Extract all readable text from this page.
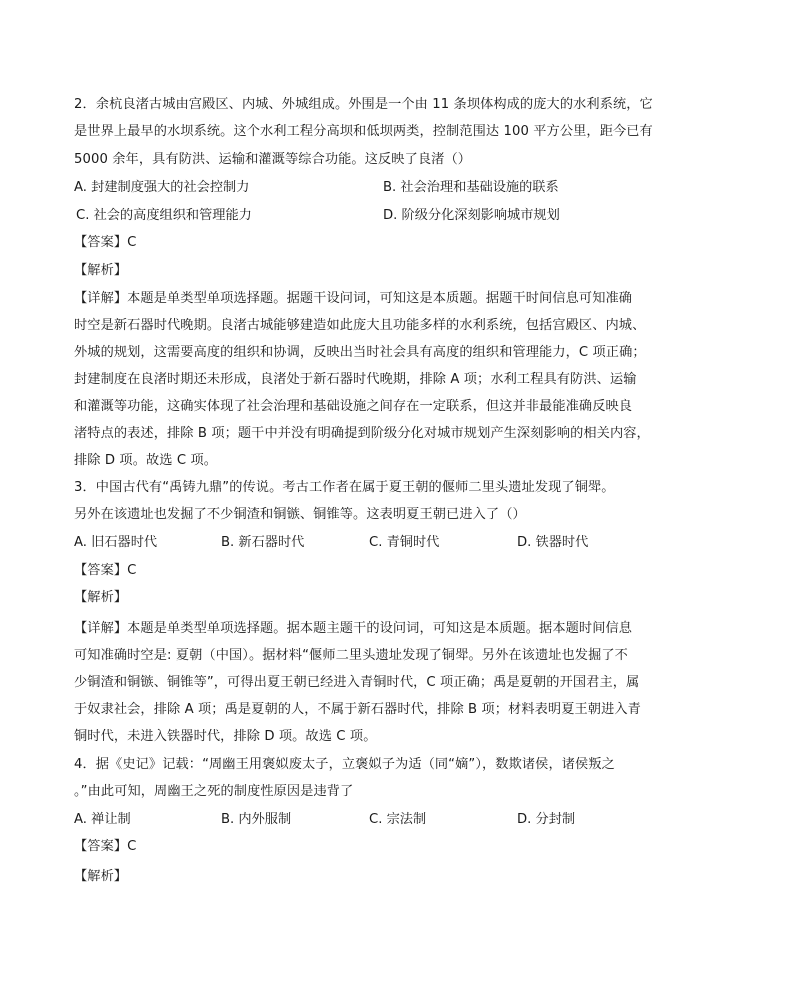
2．余杭良渚古城由宫殿区、内城、外城组成。外围是一个由 11 条坝体构成的庞大的水利系统，它
是世界上最早的水坝系统。这个水利工程分高坝和低坝两类，控制范围达 100 平方公里，距今已有
5000 余年，具有防洪、运输和灌溉等综合功能。这反映了良渚（）
A. 封建制度强大的社会控制力	B. 社会治理和基础设施的联系
C. 社会的高度组织和管理能力	D. 阶级分化深刻影响城市规划
【答案】C
【解析】
【详解】本题是单类型单项选择题。据题干设问词，可知这是本质题。据题干时间信息可知准确
时空是新石器时代晚期。良渚古城能够建造如此庞大且功能多样的水利系统，包括宫殿区、内城、
外城的规划，这需要高度的组织和协调，反映出当时社会具有高度的组织和管理能力，C 项正确；
封建制度在良渚时期还未形成，良渚处于新石器时代晚期，排除 A 项；水利工程具有防洪、运输
和灌溉等功能，这确实体现了社会治理和基础设施之间存在一定联系，但这并非最能准确反映良
渚特点的表述，排除 B 项；题干中并没有明确提到阶级分化对城市规划产生深刻影响的相关内容，
排除 D 项。故选 C 项。
3．中国古代有“禹铸九鼎”的传说。考古工作者在属于夏王朝的偃师二里头遗址发现了铜斝。
另外在该遗址也发掘了不少铜渣和铜镞、铜锥等。这表明夏王朝已进入了（）
A. 旧石器时代	B. 新石器时代	C. 青铜时代	D. 铁器时代
【答案】C
【解析】
【详解】本题是单类型单项选择题。据本题主题干的设问词，可知这是本质题。据本题时间信息
可知准确时空是: 夏朝（中国）。据材料“偃师二里头遗址发现了铜斝。另外在该遗址也发掘了不
少铜渣和铜镞、铜锥等”，可得出夏王朝已经进入青铜时代，C 项正确；禹是夏朝的开国君主，属
于奴隶社会，排除 A 项；禹是夏朝的人，不属于新石器时代，排除 B 项；材料表明夏王朝进入青
铜时代，未进入铁器时代，排除 D 项。故选 C 项。
4．据《史记》记载：“周幽王用褒姒废太子，立褒姒子为适（同“嫡”），数欺诸侯，诸侯叛之
。”由此可知，周幽王之死的制度性原因是违背了
A. 禅让制	B. 内外服制	C. 宗法制	D. 分封制
【答案】C
【解析】
